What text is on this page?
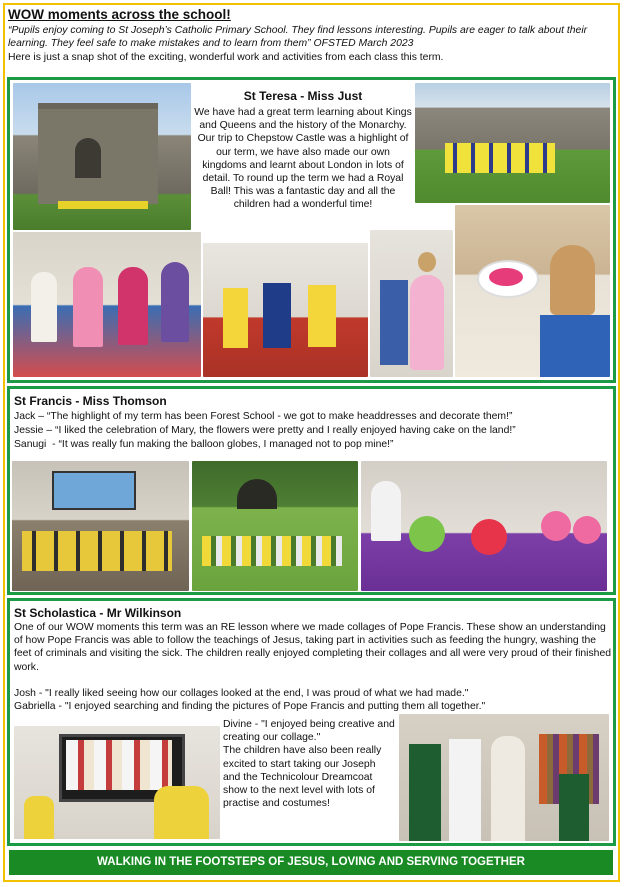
WOW moments across the school!

“Pupils enjoy coming to St Joseph’s Catholic Primary School. They find lessons interesting. Pupils are eager to talk about their learning. They feel safe to make mistakes and to learn from them” OFSTED March 2023

Here is just a snap shot of the exciting, wonderful work and activities from each class this term.

St Teresa - Miss Just
We have had a great term learning about Kings and Queens and the history of the Monarchy. Our trip to Chepstow Castle was a highlight of our term, we have also made our own kingdoms and learnt about London in lots of detail. To round up the term we had a Royal Ball! This was a fantastic day and all the children had a wonderful time!
St Francis - Miss Thomson
Jack – “The highlight of my term has been Forest School - we got to make headdresses and decorate them!”
Jessie – “I liked the celebration of Mary, the flowers were pretty and I really enjoyed having cake on the land!”
Sanugi  - “It was really fun making the balloon globes, I managed not to pop mine!”
St Scholastica - Mr Wilkinson
One of our WOW moments this term was an RE lesson where we made collages of Pope Francis. These show an understanding of how Pope Francis was able to follow the teachings of Jesus, taking part in activities such as feeding the hungry, washing the feet of criminals and visiting the sick. The children really enjoyed completing their collages and all were very proud of their finished work.
Josh - "I really liked seeing how our collages looked at the end, I was proud of what we had made."
Gabriella - "I enjoyed searching and finding the pictures of Pope Francis and putting them all together."
Divine - "I enjoyed being creative and creating our collage."
The children have also been really excited to start taking our Joseph and the Technicolour Dreamcoat show to the next level with lots of practise and costumes!
WALKING IN THE FOOTSTEPS OF JESUS, LOVING AND SERVING TOGETHER
